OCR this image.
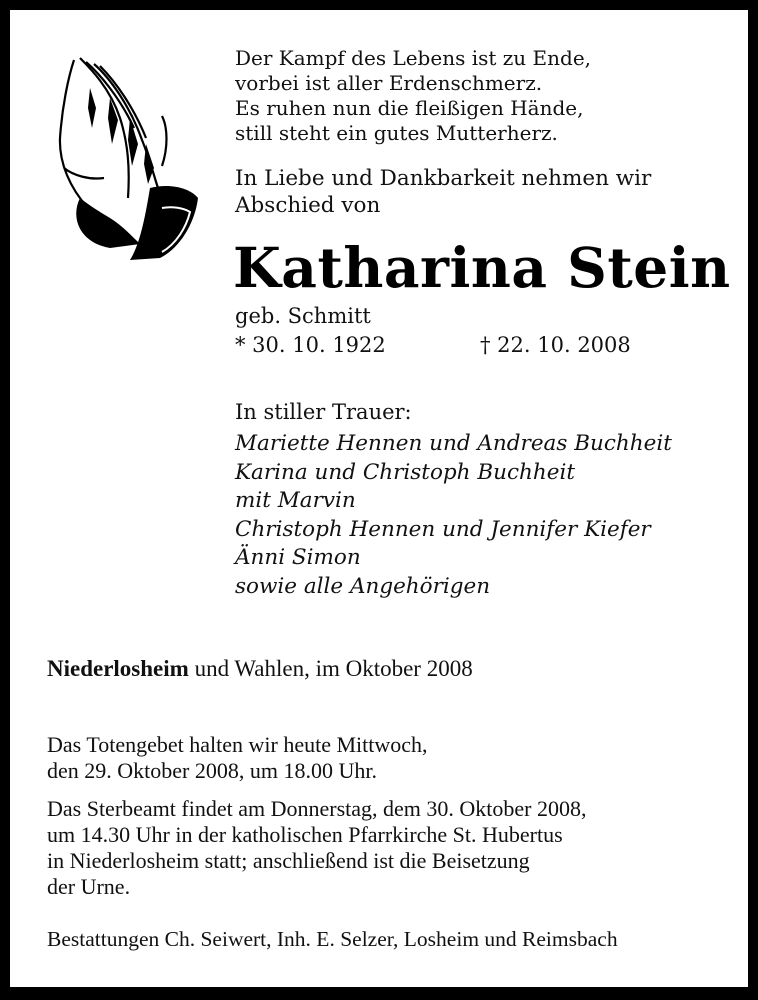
Der Kampf des Lebens ist zu Ende,
vorbei ist aller Erdenschmerz.
Es ruhen nun die fleißigen Hände,
still steht ein gutes Mutterherz.
In Liebe und Dankbarkeit nehmen wir
Abschied von
Katharina Stein
geb. Schmitt
* 30. 10. 1922	† 22. 10. 2008
In stiller Trauer:
Mariette Hennen und Andreas Buchheit
Karina und Christoph Buchheit
mit Marvin
Christoph Hennen und Jennifer Kiefer
Änni Simon
sowie alle Angehörigen
Niederlosheim und Wahlen, im Oktober 2008
Das Totengebet halten wir heute Mittwoch,
den 29. Oktober 2008, um 18.00 Uhr.
Das Sterbeamt findet am Donnerstag, dem 30. Oktober 2008,
um 14.30 Uhr in der katholischen Pfarrkirche St. Hubertus
in Niederlosheim statt; anschließend ist die Beisetzung
der Urne.
Bestattungen Ch. Seiwert, Inh. E. Selzer, Losheim und Reimsbach
